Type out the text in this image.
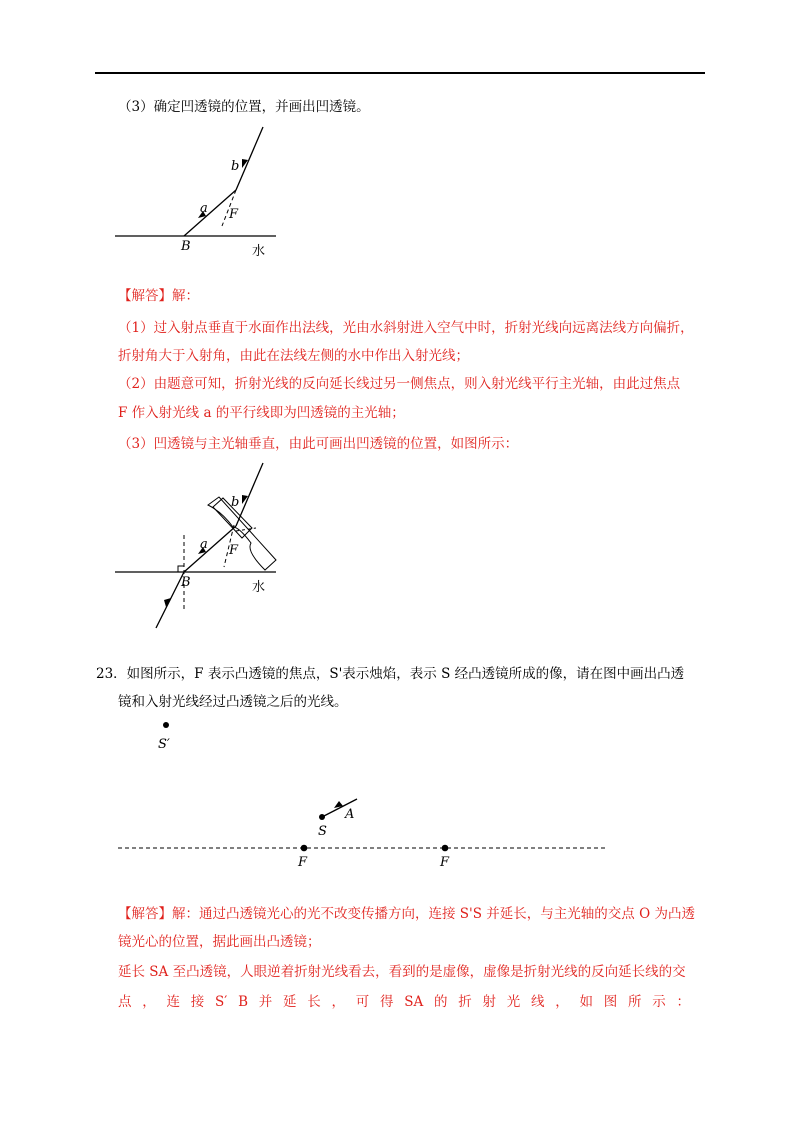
（3）确定凹透镜的位置，并画出凹透镜。
b
a F
B	水
【解答】解：
（1）过入射点垂直于水面作出法线，光由水斜射进入空气中时，折射光线向远离法线方向偏折，
折射角大于入射角，由此在法线左侧的水中作出入射光线；
（2）由题意可知，折射光线的反向延长线过另一侧焦点，则入射光线平行主光轴，由此过焦点
F 作入射光线 a 的平行线即为凹透镜的主光轴；
（3）凹透镜与主光轴垂直，由此可画出凹透镜的位置，如图所示：
b
a F
B	水
23．如图所示，F 表示凸透镜的焦点，S'表示烛焰，表示 S 经凸透镜所成的像，请在图中画出凸透
镜和入射光线经过凸透镜之后的光线。
S′
F	F
S
A
【解答】解：通过凸透镜光心的光不改变传播方向，连接 S'S 并延长，与主光轴的交点 O 为凸透
镜光心的位置，据此画出凸透镜；
延长 SA 至凸透镜，人眼逆着折射光线看去，看到的是虚像，虚像是折射光线的反向延长线的交
点 ， 连 接 S′ B 并 延 长 ， 可 得 SA 的 折 射 光 线 ， 如 图 所 示 ：
